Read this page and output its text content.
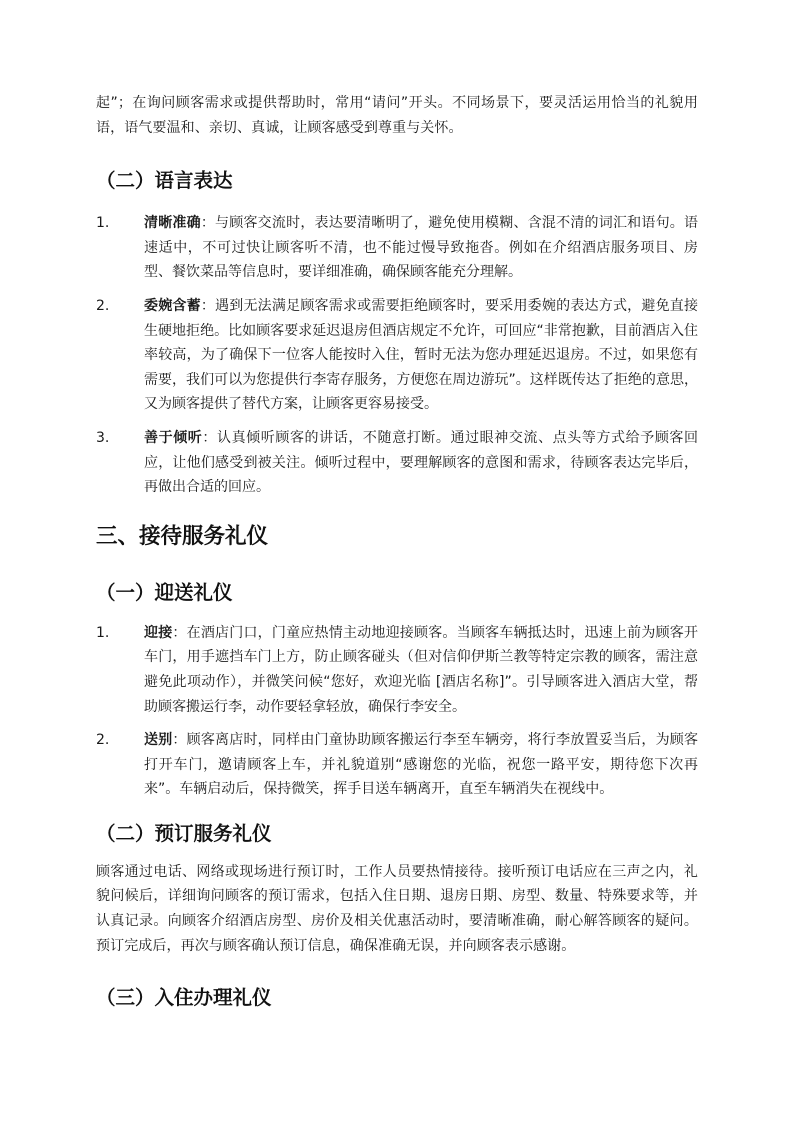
起”；在询问顾客需求或提供帮助时，常用“请问”开头。不同场景下，要灵活运用恰当的礼貌用语，语气要温和、亲切、真诚，让顾客感受到尊重与关怀。

（二）语言表达
1. 清晰准确：与顾客交流时，表达要清晰明了，避免使用模糊、含混不清的词汇和语句。语速适中，不可过快让顾客听不清，也不能过慢导致拖沓。例如在介绍酒店服务项目、房型、餐饮菜品等信息时，要详细准确，确保顾客能充分理解。
2. 委婉含蓄：遇到无法满足顾客需求或需要拒绝顾客时，要采用委婉的表达方式，避免直接生硬地拒绝。比如顾客要求延迟退房但酒店规定不允许，可回应“非常抱歉，目前酒店入住率较高，为了确保下一位客人能按时入住，暂时无法为您办理延迟退房。不过，如果您有需要，我们可以为您提供行李寄存服务，方便您在周边游玩”。这样既传达了拒绝的意思，又为顾客提供了替代方案，让顾客更容易接受。
3. 善于倾听：认真倾听顾客的讲话，不随意打断。通过眼神交流、点头等方式给予顾客回应，让他们感受到被关注。倾听过程中，要理解顾客的意图和需求，待顾客表达完毕后，再做出合适的回应。
三、接待服务礼仪
（一）迎送礼仪
1. 迎接：在酒店门口，门童应热情主动地迎接顾客。当顾客车辆抵达时，迅速上前为顾客开车门，用手遮挡车门上方，防止顾客碰头（但对信仰伊斯兰教等特定宗教的顾客，需注意避免此项动作），并微笑问候“您好，欢迎光临 [酒店名称]”。引导顾客进入酒店大堂，帮助顾客搬运行李，动作要轻拿轻放，确保行李安全。
2. 送别：顾客离店时，同样由门童协助顾客搬运行李至车辆旁，将行李放置妥当后，为顾客打开车门，邀请顾客上车，并礼貌道别“感谢您的光临，祝您一路平安，期待您下次再来”。车辆启动后，保持微笑，挥手目送车辆离开，直至车辆消失在视线中。
（二）预订服务礼仪

顾客通过电话、网络或现场进行预订时，工作人员要热情接待。接听预订电话应在三声之内，礼貌问候后，详细询问顾客的预订需求，包括入住日期、退房日期、房型、数量、特殊要求等，并认真记录。向顾客介绍酒店房型、房价及相关优惠活动时，要清晰准确，耐心解答顾客的疑问。预订完成后，再次与顾客确认预订信息，确保准确无误，并向顾客表示感谢。

（三）入住办理礼仪
